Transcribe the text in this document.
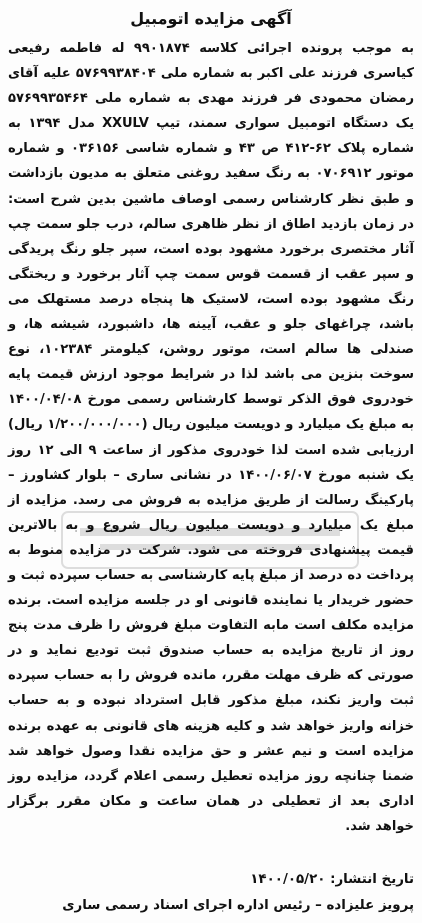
آگهی مزایده اتومبیل
به موجب پرونده اجرائی کلاسه ۹۹۰۱۸۷۴ له فاطمه رفیعی کیاسری فرزند علی اکبر به شماره ملی ۵۷۶۹۹۳۸۴۰۴ علیه آقای رمضان محمودی فر فرزند مهدی به شماره ملی ۵۷۶۹۹۳۵۴۶۴ یک دستگاه اتومبیل سواری سمند، تیپ XXULV مدل ۱۳۹۴ به شماره پلاک ۶۲-۴۱۲ ص ۴۳ و شماره شاسی ۰۳۶۱۵۶ و شماره موتور ۰۷۰۶۹۱۲ به رنگ سفید روغنی متعلق به مدیون بازداشت و طبق نظر کارشناس رسمی اوصاف ماشین بدین شرح است: در زمان بازدید اطاق از نظر ظاهری سالم، درب جلو سمت چپ آثار مختصری برخورد مشهود بوده است، سپر جلو رنگ پریدگی و سپر عقب از قسمت قوس سمت چپ آثار برخورد و ریختگی رنگ مشهود بوده است، لاستیک ها پنجاه درصد مستهلک می باشد، چراغهای جلو و عقب، آیینه ها، داشبورد، شیشه ها، و صندلی ها سالم است، موتور روشن، کیلومتر ۱۰۲۳۸۴، نوع سوخت بنزین می باشد لذا در شرایط موجود ارزش قیمت پایه خودروی فوق الذکر توسط کارشناس رسمی مورخ ۱۴۰۰/۰۴/۰۸ به مبلغ یک میلیارد و دویست میلیون ریال (۱/۲۰۰/۰۰۰/۰۰۰ ریال) ارزیابی شده است لذا خودروی مذکور از ساعت ۹ الی ۱۲ روز یک شنبه مورخ ۱۴۰۰/۰۶/۰۷ در نشانی ساری – بلوار کشاورز – پارکینگ رسالت از طریق مزایده به فروش می رسد. مزایده از مبلغ یک میلیارد و دویست میلیون ریال شروع و به بالاترین قیمت پیشنهادی فروخته می شود. شرکت در مزایده منوط به پرداخت ده درصد از مبلغ پایه کارشناسی به حساب سپرده ثبت و حضور خریدار یا نماینده قانونی او در جلسه مزایده است. برنده مزایده مکلف است مابه التفاوت مبلغ فروش را ظرف مدت پنج روز از تاریخ مزایده به حساب صندوق ثبت تودیع نماید و در صورتی که ظرف مهلت مقرر، مانده فروش را به حساب سپرده ثبت واریز نکند، مبلغ مذکور قابل استرداد نبوده و به حساب خزانه واریز خواهد شد و کلیه هزینه های قانونی به عهده برنده مزایده است و نیم عشر و حق مزایده نقدا وصول خواهد شد ضمنا چنانچه روز مزایده تعطیل رسمی اعلام گردد، مزایده روز اداری بعد از تعطیلی در همان ساعت و مکان مقرر برگزار خواهد شد.
تاریخ انتشار: ۱۴۰۰/۰۵/۲۰
پرویز علیزاده – رئیس اداره اجرای اسناد رسمی ساری
